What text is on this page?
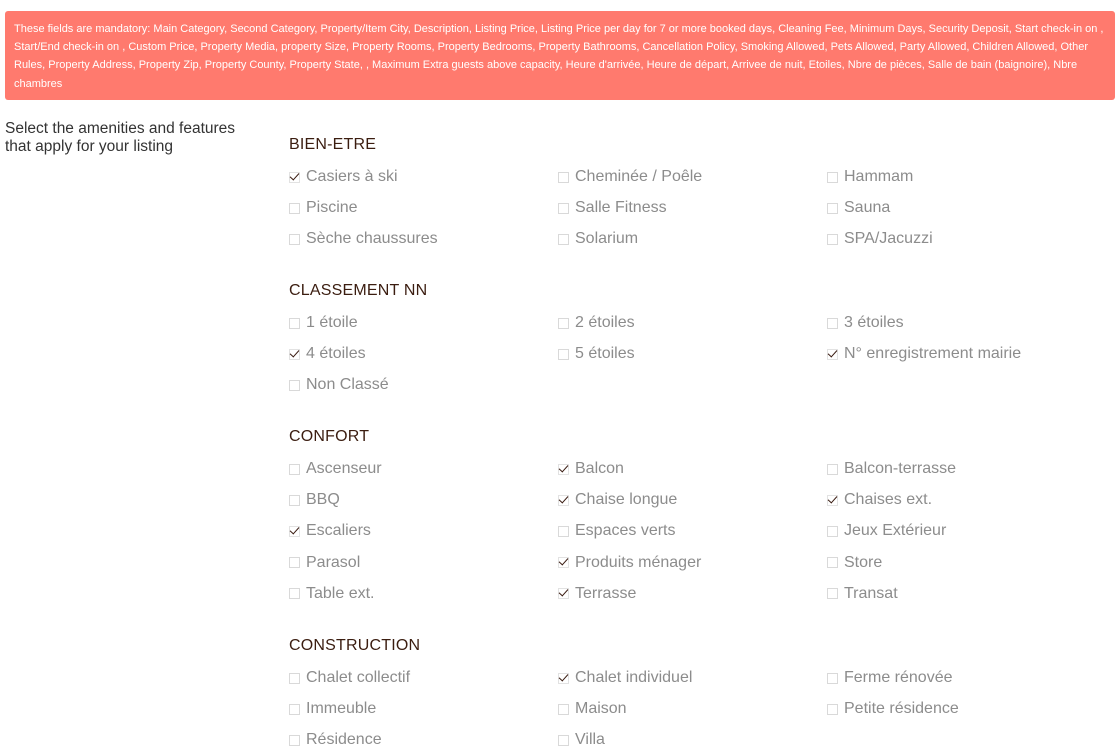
These fields are mandatory: Main Category, Second Category, Property/Item City, Description, Listing Price, Listing Price per day for 7 or more booked days, Cleaning Fee, Minimum Days, Security Deposit, Start check-in on , Start/End check-in on , Custom Price, Property Media, property Size, Property Rooms, Property Bedrooms, Property Bathrooms, Cancellation Policy, Smoking Allowed, Pets Allowed, Party Allowed, Children Allowed, Other Rules, Property Address, Property Zip, Property County, Property State, , Maximum Extra guests above capacity, Heure d'arrivée, Heure de départ, Arrivee de nuit, Etoiles, Nbre de pièces, Salle de bain (baignoire), Nbre chambres
Select the amenities and features that apply for your listing	BIEN-ETRE
Casiers à ski	Cheminée / Poêle	Hammam
Piscine	Salle Fitness	Sauna
Sèche chaussures	Solarium	SPA/Jacuzzi
CLASSEMENT NN
1 étoile	2 étoiles	3 étoiles
4 étoiles	5 étoiles	N° enregistrement mairie
Non Classé
CONFORT
Ascenseur	Balcon	Balcon-terrasse
BBQ	Chaise longue	Chaises ext.
Escaliers	Espaces verts	Jeux Extérieur
Parasol	Produits ménager	Store
Table ext.	Terrasse	Transat
CONSTRUCTION
Chalet collectif	Chalet individuel	Ferme rénovée
Immeuble	Maison	Petite résidence
Résidence	Villa
